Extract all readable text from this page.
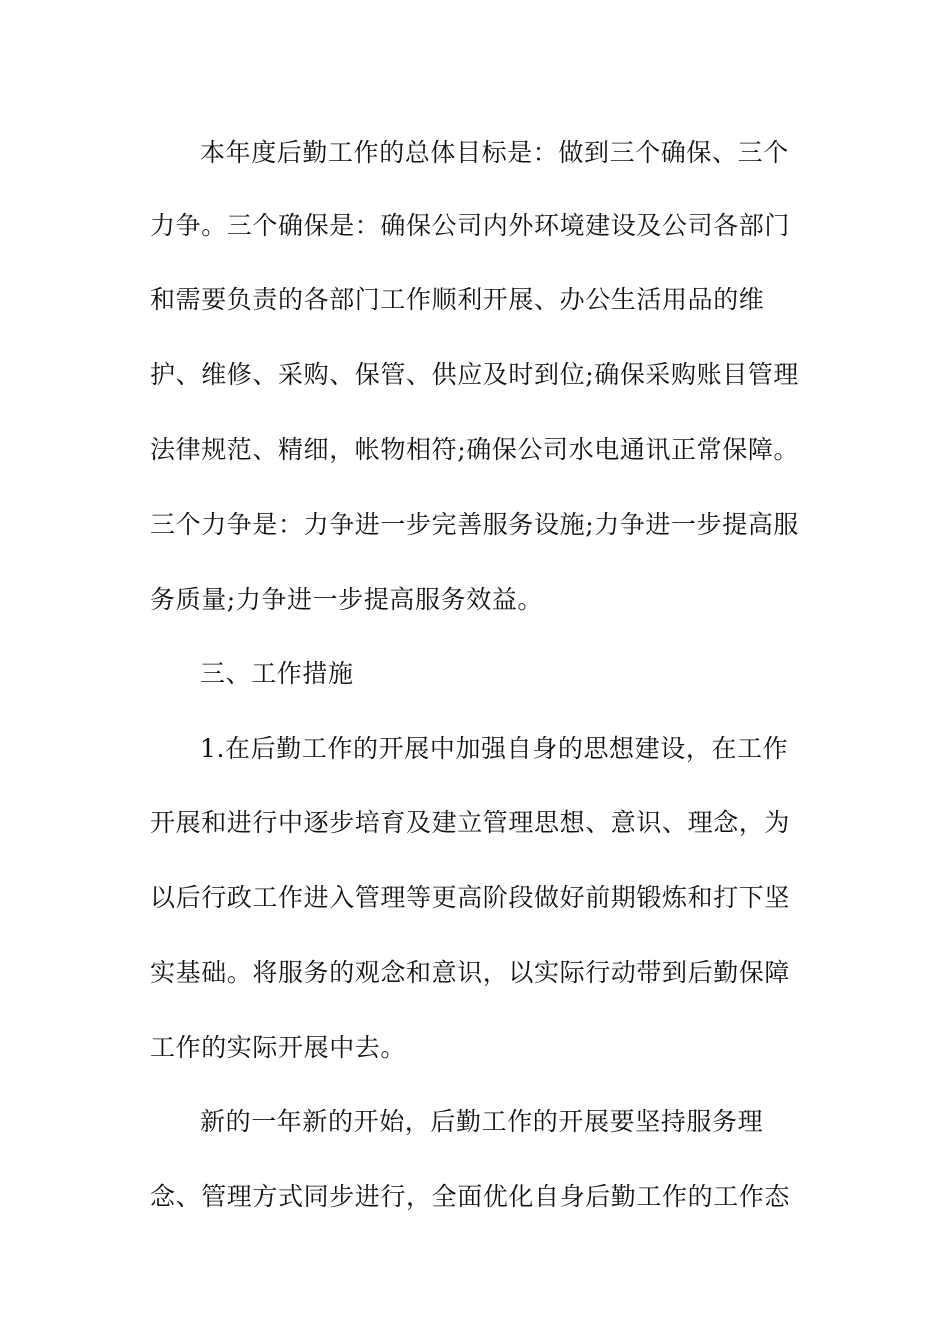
本年度后勤工作的总体目标是：做到三个确保、三个
力争。三个确保是：确保公司内外环境建设及公司各部门
和需要负责的各部门工作顺利开展、办公生活用品的维
护、维修、采购、保管、供应及时到位;确保采购账目管理
法律规范、精细，帐物相符;确保公司水电通讯正常保障。
三个力争是：力争进一步完善服务设施;力争进一步提高服
务质量;力争进一步提高服务效益。
三、工作措施
1.在后勤工作的开展中加强自身的思想建设，在工作
开展和进行中逐步培育及建立管理思想、意识、理念，为
以后行政工作进入管理等更高阶段做好前期锻炼和打下坚
实基础。将服务的观念和意识，以实际行动带到后勤保障
工作的实际开展中去。
新的一年新的开始，后勤工作的开展要坚持服务理
念、管理方式同步进行，全面优化自身后勤工作的工作态
